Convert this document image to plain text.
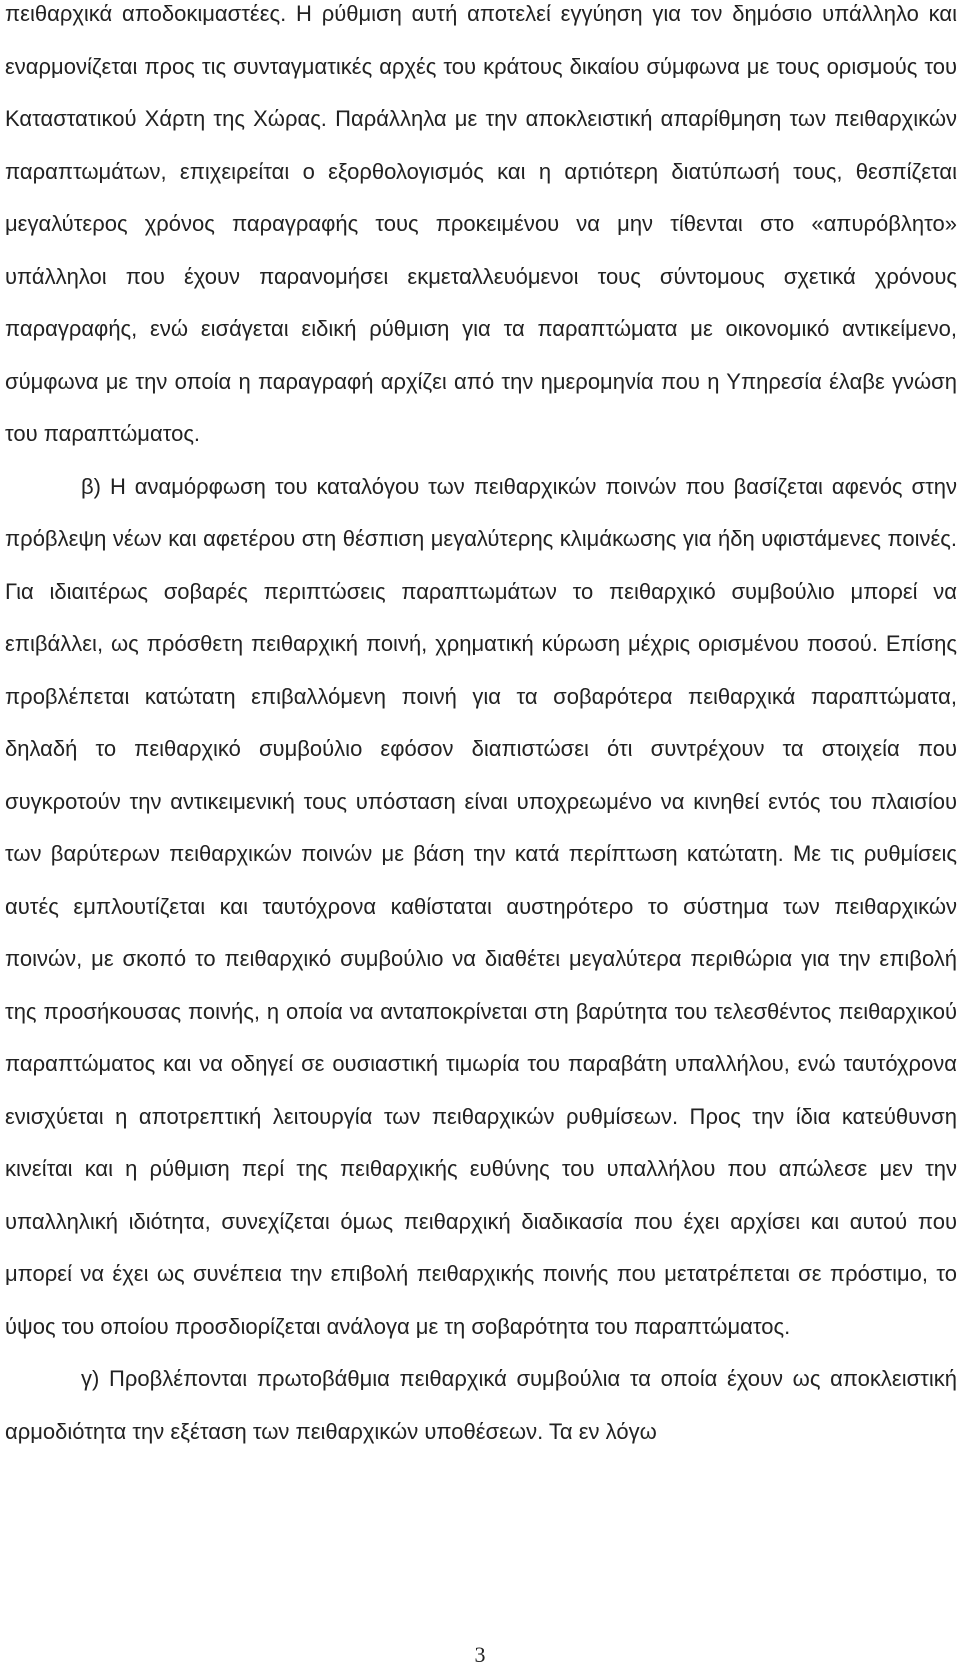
πειθαρχικά αποδοκιμαστέες. Η ρύθμιση αυτή αποτελεί εγγύηση για τον δημόσιο υπάλληλο και εναρμονίζεται προς τις συνταγματικές αρχές του κράτους δικαίου σύμφωνα με τους ορισμούς του Καταστατικού Χάρτη της Χώρας. Παράλληλα με την αποκλειστική απαρίθμηση των πειθαρχικών παραπτωμάτων, επιχειρείται ο εξορθολογισμός και η αρτιότερη διατύπωσή τους, θεσπίζεται μεγαλύτερος χρόνος παραγραφής τους προκειμένου να μην τίθενται στο «απυρόβλητο» υπάλληλοι που έχουν παρανομήσει εκμεταλλευόμενοι τους σύντομους σχετικά χρόνους παραγραφής, ενώ εισάγεται ειδική ρύθμιση για τα παραπτώματα με οικονομικό αντικείμενο, σύμφωνα με την οποία η παραγραφή αρχίζει από την ημερομηνία που η Υπηρεσία έλαβε γνώση του παραπτώματος.

β) Η αναμόρφωση του καταλόγου των πειθαρχικών ποινών που βασίζεται αφενός στην πρόβλεψη νέων και αφετέρου στη θέσπιση μεγαλύτερης κλιμάκωσης για ήδη υφιστάμενες ποινές. Για ιδιαιτέρως σοβαρές περιπτώσεις παραπτωμάτων το πειθαρχικό συμβούλιο μπορεί να επιβάλλει, ως πρόσθετη πειθαρχική ποινή, χρηματική κύρωση μέχρις ορισμένου ποσού. Επίσης προβλέπεται κατώτατη επιβαλλόμενη ποινή για τα σοβαρότερα πειθαρχικά παραπτώματα, δηλαδή το πειθαρχικό συμβούλιο εφόσον διαπιστώσει ότι συντρέχουν τα στοιχεία που συγκροτούν την αντικειμενική τους υπόσταση είναι υποχρεωμένο να κινηθεί εντός του πλαισίου των βαρύτερων πειθαρχικών ποινών με βάση την κατά περίπτωση κατώτατη. Με τις ρυθμίσεις αυτές εμπλουτίζεται και ταυτόχρονα καθίσταται αυστηρότερο το σύστημα των πειθαρχικών ποινών, με σκοπό το πειθαρχικό συμβούλιο να διαθέτει μεγαλύτερα περιθώρια για την επιβολή της προσήκουσας ποινής, η οποία να ανταποκρίνεται στη βαρύτητα του τελεσθέντος πειθαρχικού παραπτώματος και να οδηγεί σε ουσιαστική τιμωρία του παραβάτη υπαλλήλου, ενώ ταυτόχρονα ενισχύεται η αποτρεπτική λειτουργία των πειθαρχικών ρυθμίσεων. Προς την ίδια κατεύθυνση κινείται και η ρύθμιση περί της πειθαρχικής ευθύνης του υπαλλήλου που απώλεσε μεν την υπαλληλική ιδιότητα, συνεχίζεται όμως πειθαρχική διαδικασία που έχει αρχίσει και αυτού που μπορεί να έχει ως συνέπεια την επιβολή πειθαρχικής ποινής που μετατρέπεται σε πρόστιμο, το ύψος του οποίου προσδιορίζεται ανάλογα με τη σοβαρότητα του παραπτώματος.

γ) Προβλέπονται πρωτοβάθμια πειθαρχικά συμβούλια τα οποία έχουν ως αποκλειστική αρμοδιότητα την εξέταση των πειθαρχικών υποθέσεων. Τα εν λόγω

3
